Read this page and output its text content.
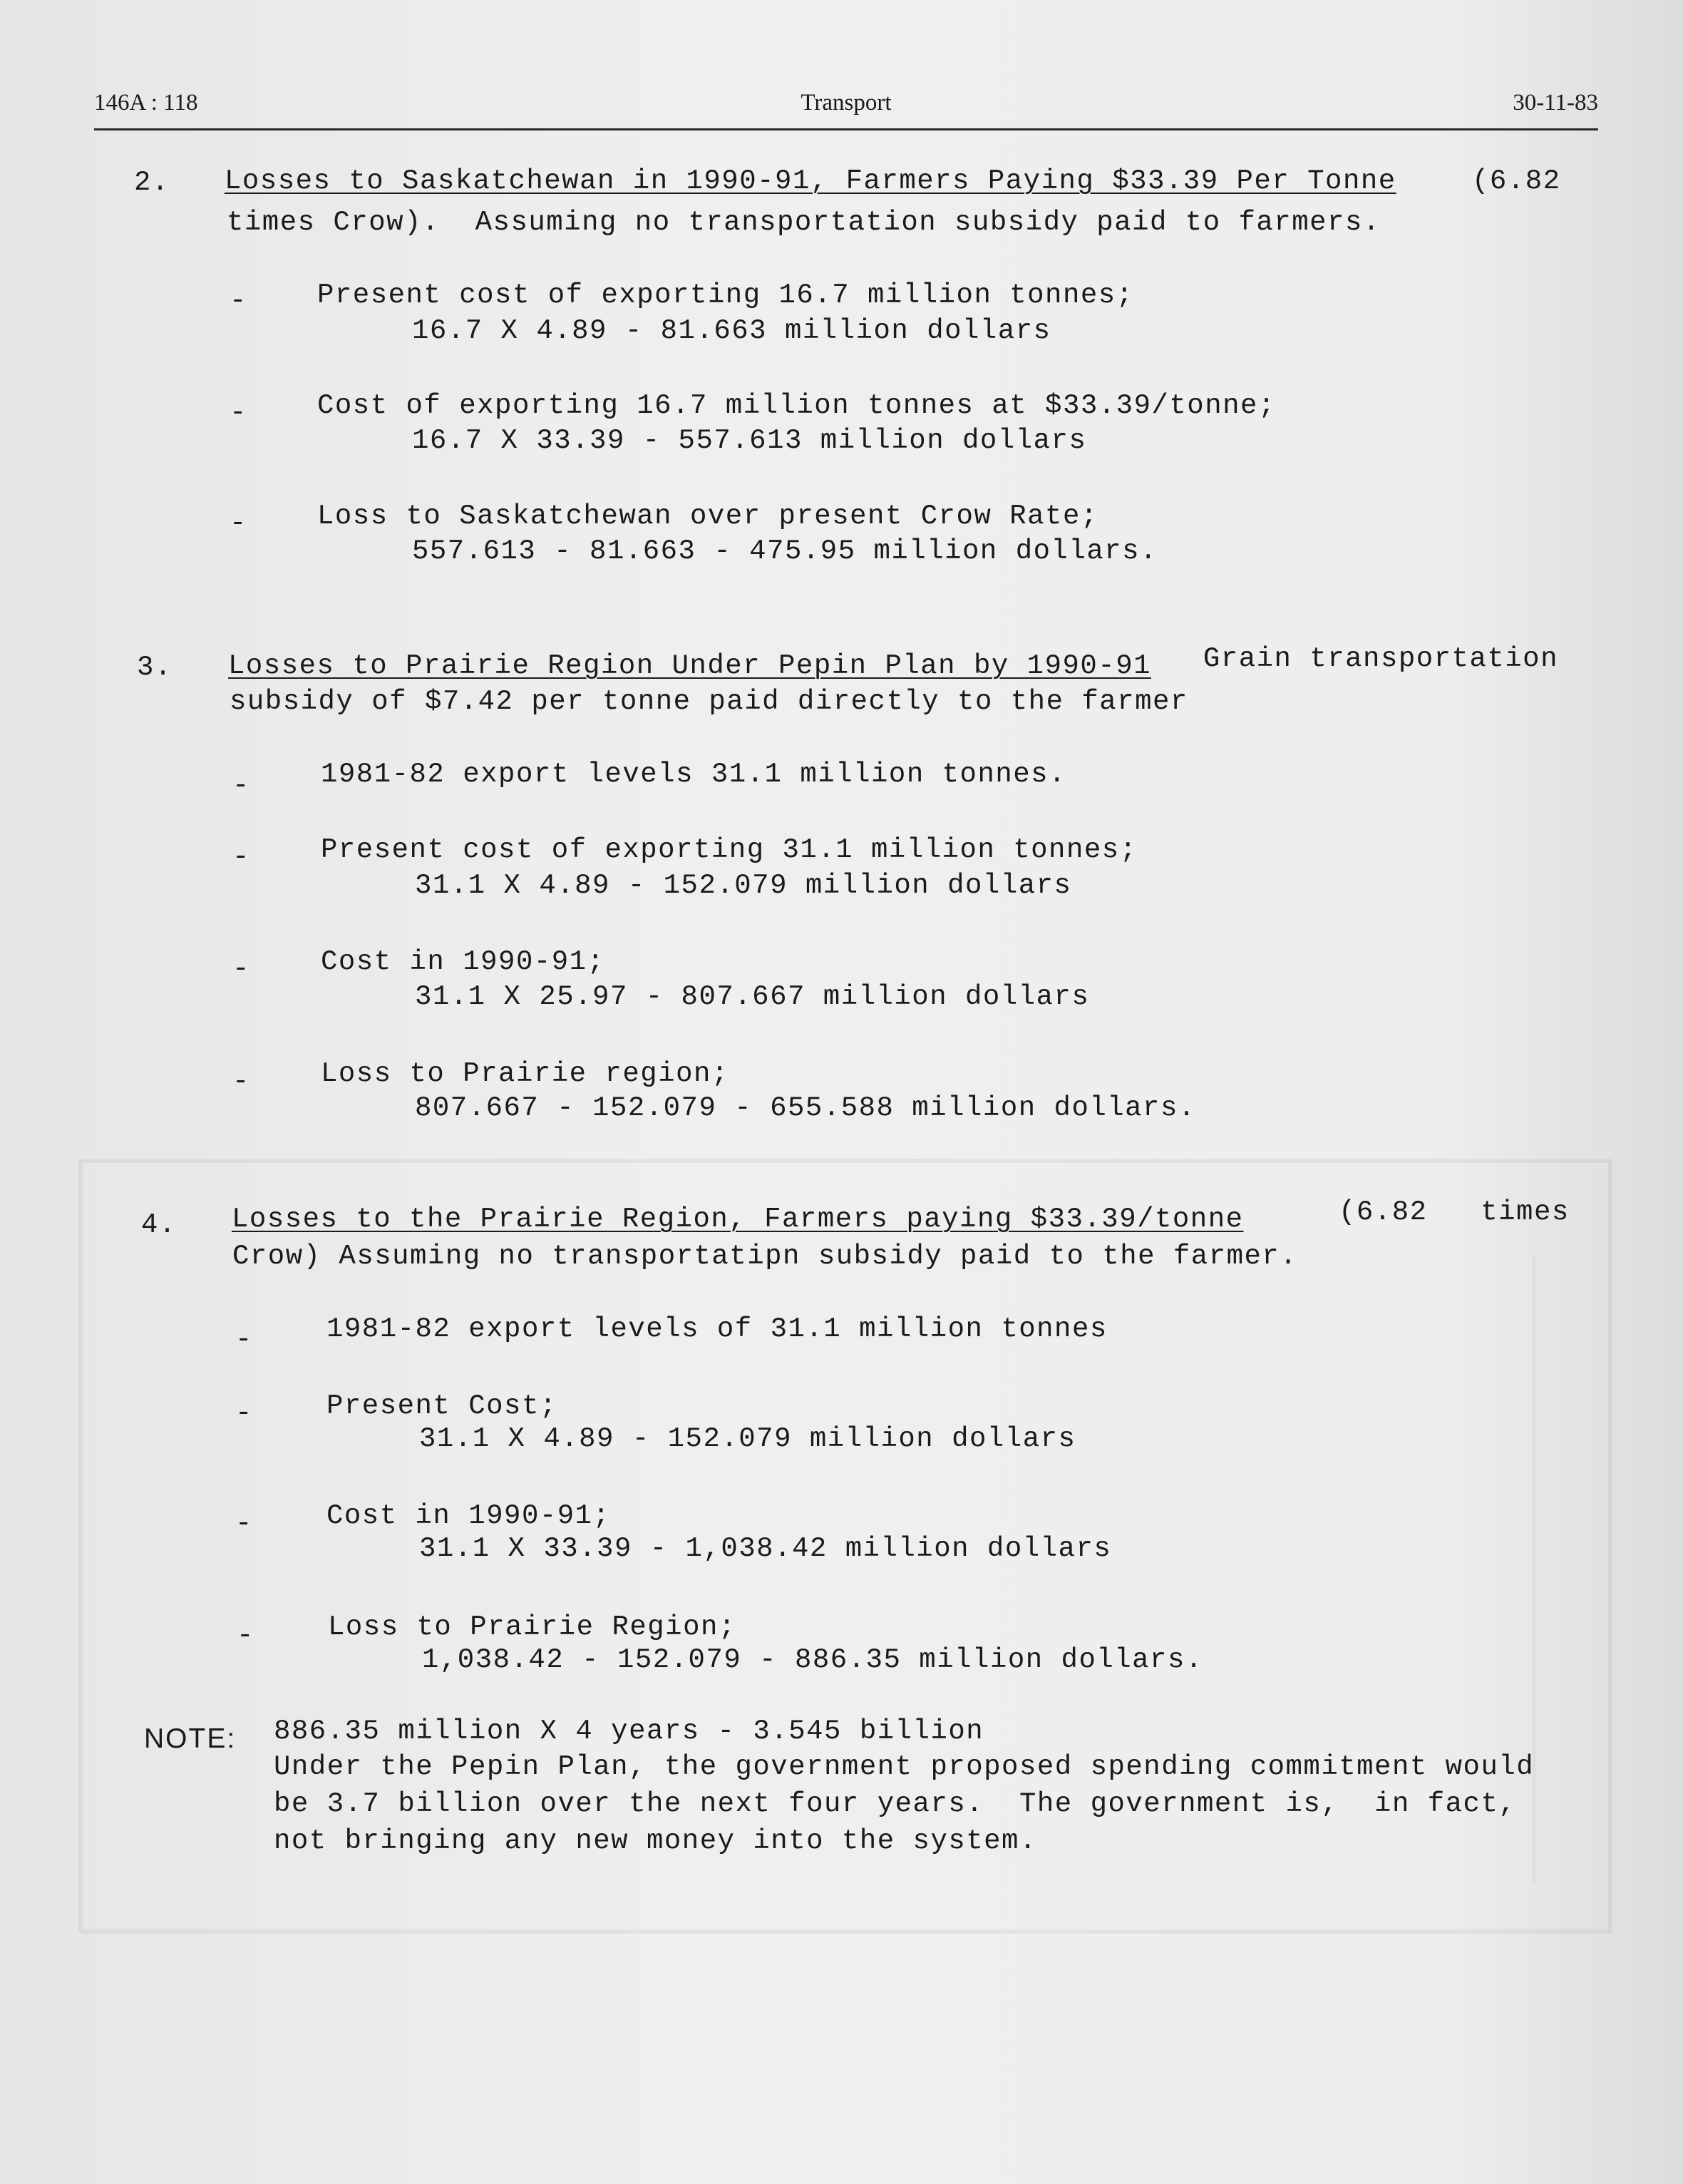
146A : 118	Transport	30-11-83
2. Losses to Saskatchewan in 1990-91, Farmers Paying $33.39 Per Tonne	(6.82
times Crow).  Assuming no transportation subsidy paid to farmers.
-	Present cost of exporting 16.7 million tonnes;
16.7 X 4.89 - 81.663 million dollars
-	Cost of exporting 16.7 million tonnes at $33.39/tonne;
16.7 X 33.39 - 557.613 million dollars
-	Loss to Saskatchewan over present Crow Rate;
557.613 - 81.663 - 475.95 million dollars.
3. Losses to Prairie Region Under Pepin Plan by 1990-91 Grain transportation
subsidy of $7.42 per tonne paid directly to the farmer
-	1981-82 export levels 31.1 million tonnes.
-	Present cost of exporting 31.1 million tonnes;
31.1 X 4.89 - 152.079 million dollars
-	Cost in 1990-91;
31.1 X 25.97 - 807.667 million dollars
-	Loss to Prairie region;
807.667 - 152.079 - 655.588 million dollars.
4. Losses to the Prairie Region, Farmers paying $33.39/tonne	(6.82   times
Crow) Assuming no transportatipn subsidy paid to the farmer.
-	1981-82 export levels of 31.1 million tonnes
-	Present Cost;
31.1 X 4.89 - 152.079 million dollars
-	Cost in 1990-91;
31.1 X 33.39 - 1,038.42 million dollars
-	Loss to Prairie Region;
1,038.42 - 152.079 - 886.35 million dollars.
NOTE: 886.35 million X 4 years - 3.545 billion
Under the Pepin Plan, the government proposed spending commitment would
be 3.7 billion over the next four years.  The government is,  in fact,
not bringing any new money into the system.
